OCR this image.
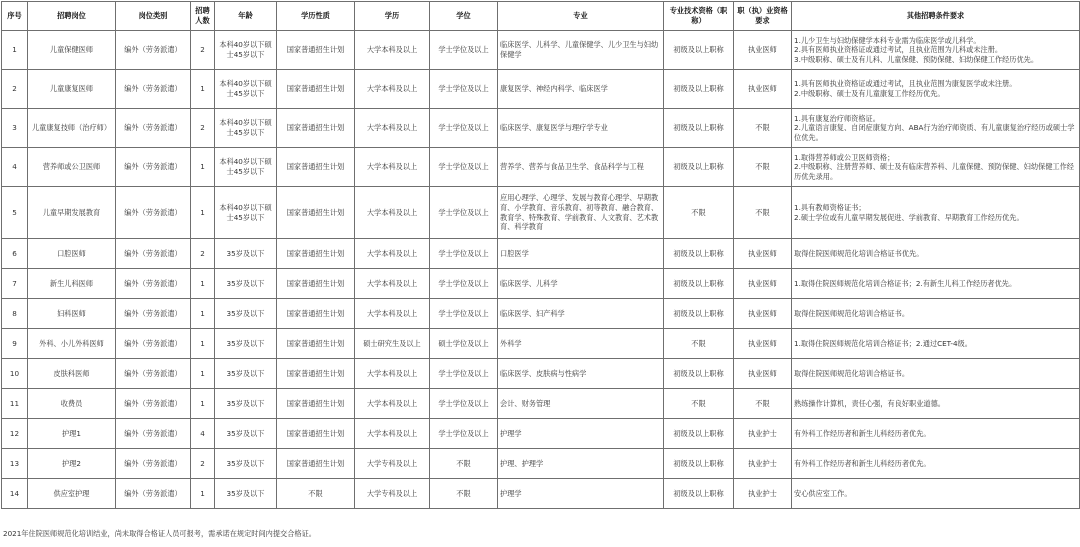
序号	招聘岗位	岗位类别	招聘人数	年龄	学历性质	学历	学位	专业	专业技术资格（职称）	职（执）业资格要求	其他招聘条件要求
1	儿童保健医师	编外（劳务派遣）	2	本科40岁以下硕士45岁以下	国家普通招生计划	大学本科及以上	学士学位及以上	临床医学、儿科学、儿童保健学、儿少卫生与妇幼保健学	初级及以上职称	执业医师	1.儿少卫生与妇幼保健学本科专业需为临床医学或儿科学。
2.具有医师执业资格证或通过考试，且执业范围为儿科或未注册。
3.中级职称、硕士及有儿科、儿童保健、预防保健、妇幼保健工作经历优先。
2	儿童康复医师	编外（劳务派遣）	1	本科40岁以下硕士45岁以下	国家普通招生计划	大学本科及以上	学士学位及以上	康复医学、神经内科学、临床医学	初级及以上职称	执业医师	1.具有医师执业资格证或通过考试，且执业范围为康复医学或未注册。
2.中级职称、硕士及有儿童康复工作经历优先。
3	儿童康复技师（治疗师）	编外（劳务派遣）	2	本科40岁以下硕士45岁以下	国家普通招生计划	大学本科及以上	学士学位及以上	临床医学、康复医学与理疗学专业	初级及以上职称	不限	1.具有康复治疗师资格证。
2.儿童语言康复、自闭症康复方向、ABA行为治疗师资质、有儿童康复治疗经历或硕士学位优先。
4	营养师或公卫医师	编外（劳务派遣）	1	本科40岁以下硕士45岁以下	国家普通招生计划	大学本科及以上	学士学位及以上	营养学、营养与食品卫生学、食品科学与工程	初级及以上职称	不限	1.取得营养师或公卫医师资格；
2.中级职称、注册营养师、硕士及有临床营养科、儿童保健、预防保健、妇幼保健工作经历优先录用。
5	儿童早期发展教育	编外（劳务派遣）	1	本科40岁以下硕士45岁以下	国家普通招生计划	大学本科及以上	学士学位及以上	应用心理学、心理学、发展与教育心理学、早期教育、小学教育、音乐教育、初等教育、融合教育、教育学、特殊教育、学前教育、人文教育、艺术教育、科学教育	不限	不限	1.具有教师资格证书；
2.硕士学位或有儿童早期发展促进、学前教育、早期教育工作经历优先。
6	口腔医师	编外（劳务派遣）	2	35岁及以下	国家普通招生计划	大学本科及以上	学士学位及以上	口腔医学	初级及以上职称	执业医师	取得住院医师规范化培训合格证书优先。
7	新生儿科医师	编外（劳务派遣）	1	35岁及以下	国家普通招生计划	大学本科及以上	学士学位及以上	临床医学、儿科学	初级及以上职称	执业医师	1.取得住院医师规范化培训合格证书；2.有新生儿科工作经历者优先。
8	妇科医师	编外（劳务派遣）	1	35岁及以下	国家普通招生计划	大学本科及以上	学士学位及以上	临床医学、妇产科学	初级及以上职称	执业医师	取得住院医师规范化培训合格证书。
9	外科、小儿外科医师	编外（劳务派遣）	1	35岁及以下	国家普通招生计划	硕士研究生及以上	硕士学位及以上	外科学	不限	执业医师	1.取得住院医师规范化培训合格证书；2.通过CET-4级。
10	皮肤科医师	编外（劳务派遣）	1	35岁及以下	国家普通招生计划	大学本科及以上	学士学位及以上	临床医学、皮肤病与性病学	初级及以上职称	执业医师	取得住院医师规范化培训合格证书。
11	收费员	编外（劳务派遣）	1	35岁及以下	国家普通招生计划	大学本科及以上	学士学位及以上	会计、财务管理	不限	不限	熟练操作计算机，责任心强，有良好职业道德。
12	护理1	编外（劳务派遣）	4	35岁及以下	国家普通招生计划	大学本科及以上	学士学位及以上	护理学	初级及以上职称	执业护士	有外科工作经历者和新生儿科经历者优先。
13	护理2	编外（劳务派遣）	2	35岁及以下	国家普通招生计划	大学专科及以上	不限	护理、护理学	初级及以上职称	执业护士	有外科工作经历者和新生儿科经历者优先。
14	供应室护理	编外（劳务派遣）	1	35岁及以下	不限	大学专科及以上	不限	护理学	初级及以上职称	执业护士	安心供应室工作。
2021年住院医师规范化培训结业，尚未取得合格证人员可报考，需承诺在规定时间内提交合格证。
